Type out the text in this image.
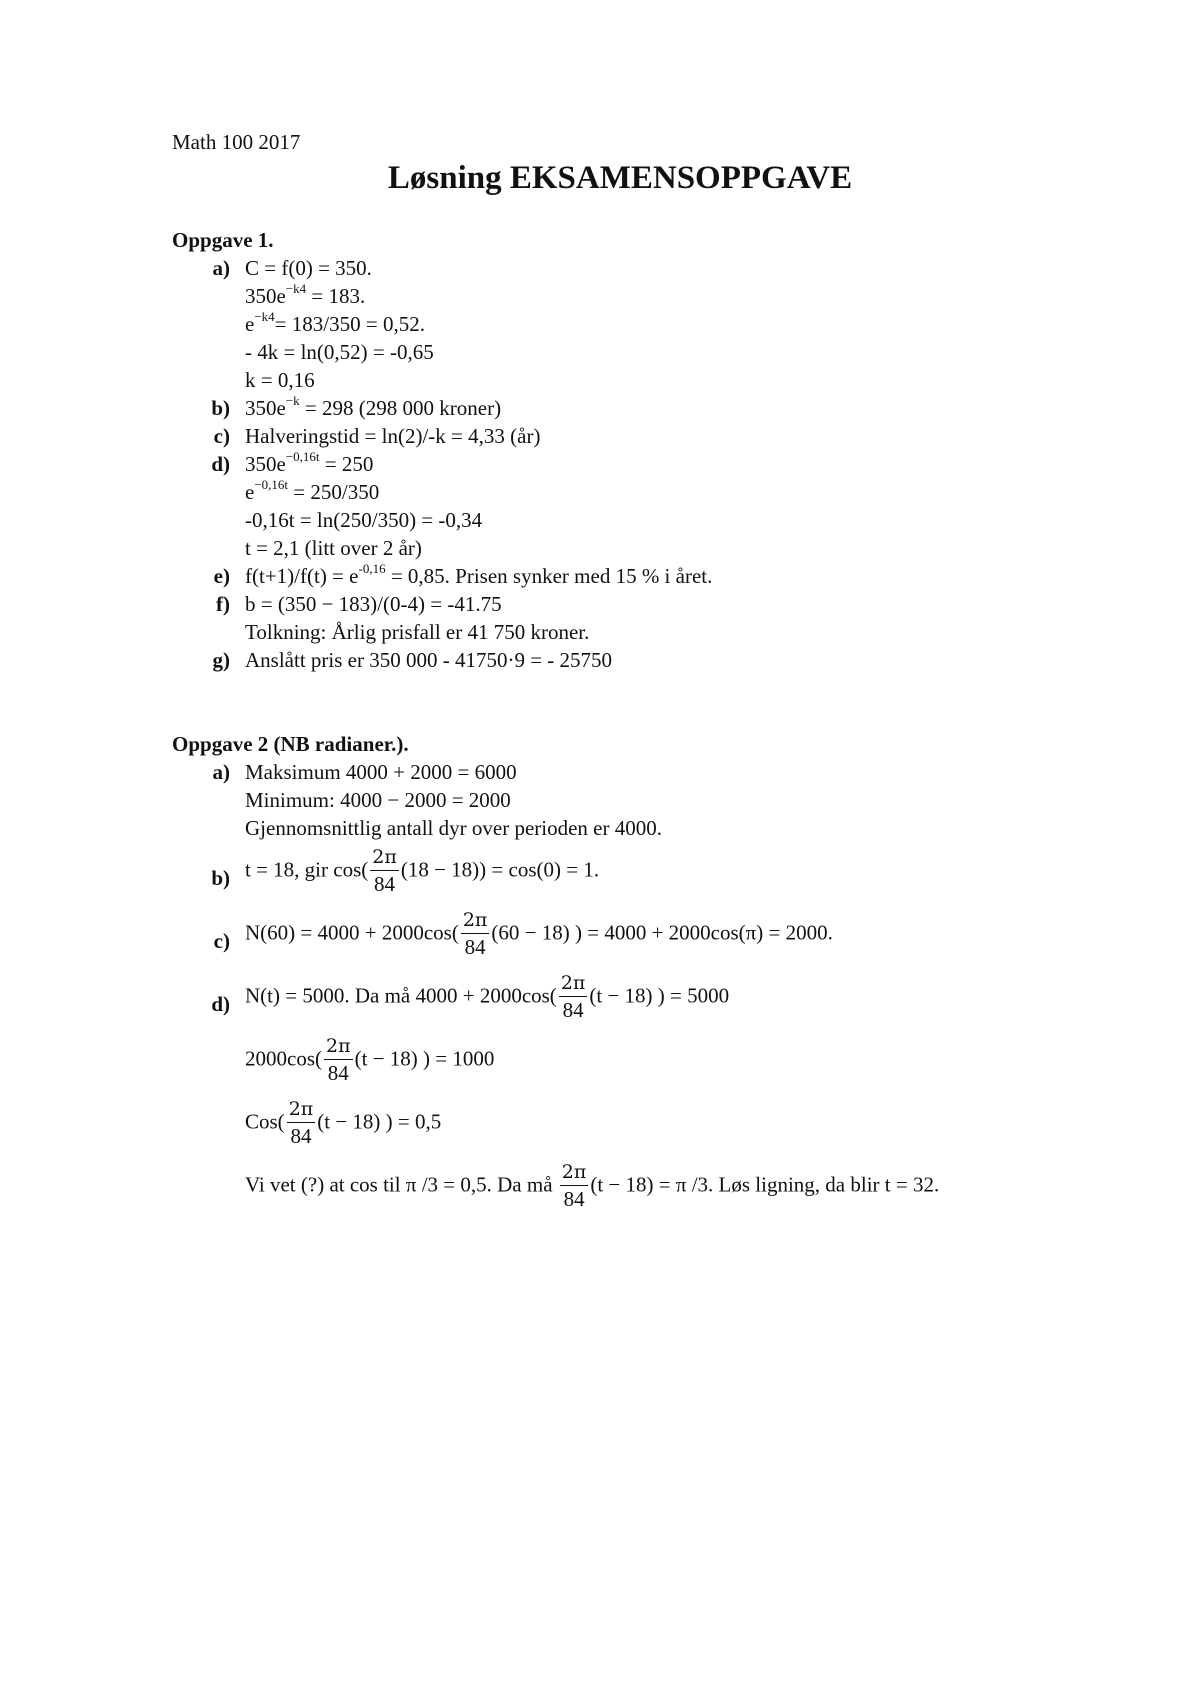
Math 100 2017
Løsning EKSAMENSOPPGAVE
Oppgave 1.
a) C = f(0) = 350.
$350e^{-k4} = 183$.
$e^{-k4}= 183/350 = 0,52$.
- 4k = ln(0,52) = -0,65
k = 0,16
b) $350e^{-k} = 298$ (298 000 kroner)
c) Halveringstid = ln(2)/-k = 4,33 (år)
d) $350e^{-0,16t} = 250$
$e^{-0,16t} = 250/350$
-0,16t = ln(250/350) = -0,34
t = 2,1 (litt over 2 år)
e) $f(t+1)/f(t) = e^{-0,16} = 0,85$. Prisen synker med 15 % i året.
f) b = (350 − 183)/(0-4) = -41.75
Tolkning: Årlig prisfall er 41 750 kroner.
g) Anslått pris er 350 000 - 41750·9 = - 25750
Oppgave 2 (NB radianer.).
a) Maksimum 4000 + 2000 = 6000
Minimum: 4000 − 2000 = 2000
Gjennomsnittlig antall dyr over perioden er 4000.
b) t = 18, gir $\cos( \frac{2\pi}{84} (18 - 18)) = \cos(0) = 1$.
c) $N(60) = 4000 + 2000\cos( \frac{2\pi}{84} (60 - 18)$ ) = 4000 + 2000cos(π) = 2000.
d) N(t) = 5000. Da må $4000 + 2000\cos( \frac{2\pi}{84} (t - 18)$ ) = 5000
$2000\cos( \frac{2\pi}{84} (t - 18)$ ) = 1000
$Cos( \frac{2\pi}{84} (t - 18)$ ) = 0,5
Vi vet (?) at cos til π /3 = 0,5. Da må $\frac{2\pi}{84} (t - 18) = \pi$ /3. Løs ligning, da blir t = 32.
